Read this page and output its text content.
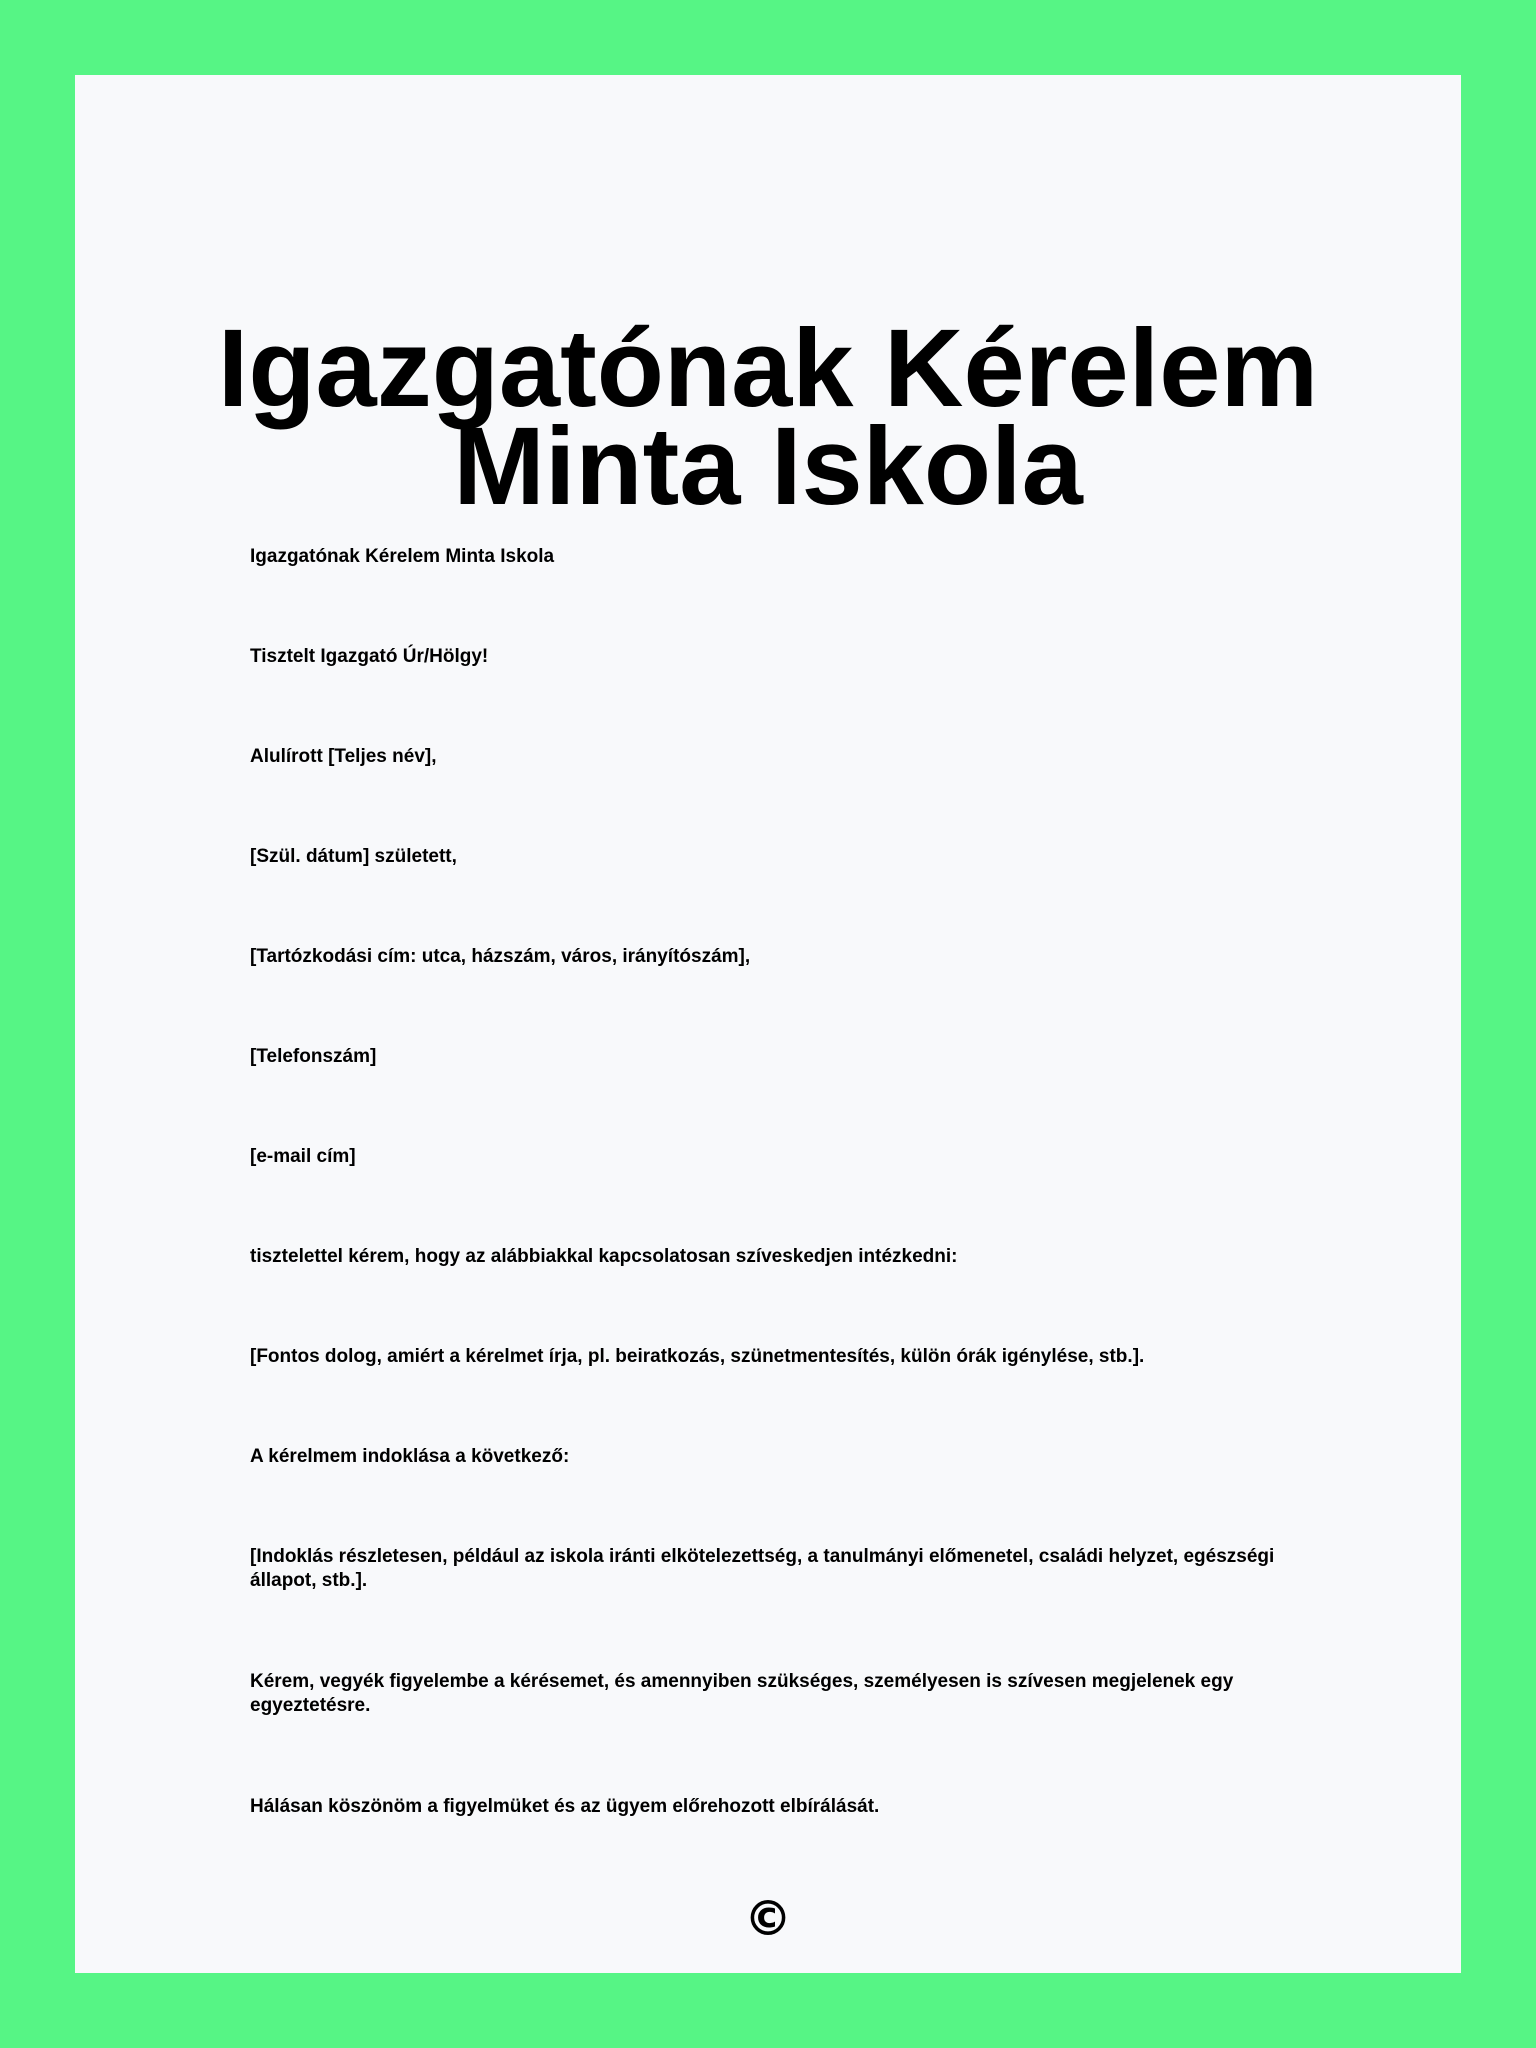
Igazgatónak Kérelem Minta Iskola

Igazgatónak Kérelem Minta Iskola

Tisztelt Igazgató Úr/Hölgy!

Alulírott [Teljes név],

[Szül. dátum] született,

[Tartózkodási cím: utca, házszám, város, irányítószám],

[Telefonszám]

[e-mail cím]

tisztelettel kérem, hogy az alábbiakkal kapcsolatosan szíveskedjen intézkedni:

[Fontos dolog, amiért a kérelmet írja, pl. beiratkozás, szünetmentesítés, külön órák igénylése, stb.].

A kérelmem indoklása a következő:

[Indoklás részletesen, például az iskola iránti elkötelezettség, a tanulmányi előmenetel, családi helyzet, egészségi állapot, stb.].

Kérem, vegyék figyelembe a kérésemet, és amennyiben szükséges, személyesen is szívesen megjelenek egy egyeztetésre.

Hálásan köszönöm a figyelmüket és az ügyem előrehozott elbírálását.

©
